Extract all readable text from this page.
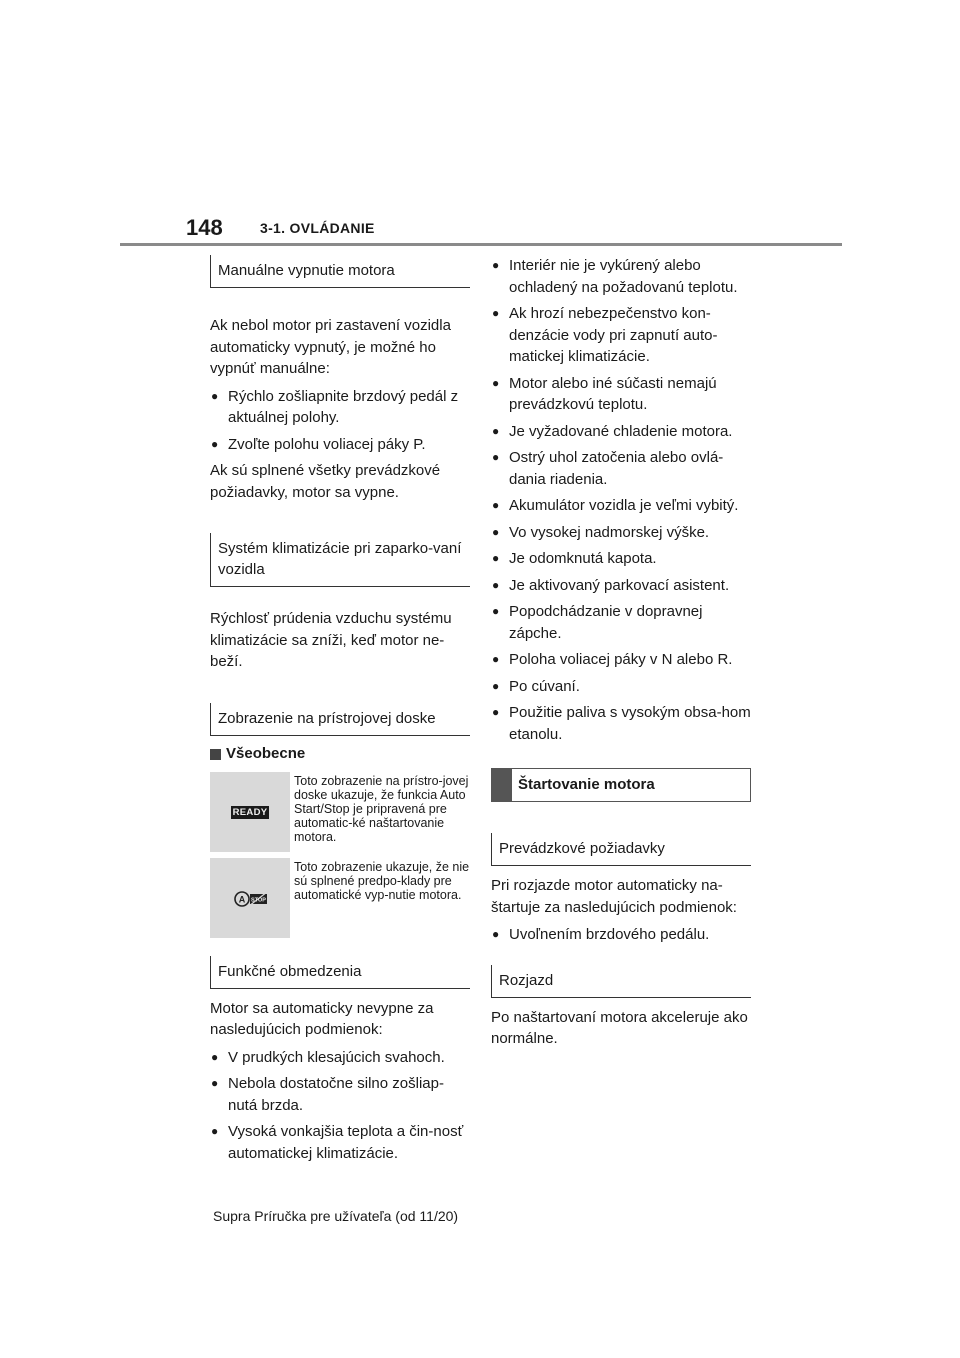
148	3-1. OVLÁDANIE
Manuálne vypnutie motora

Ak nebol motor pri zastavení vozidla automaticky vypnutý, je možné ho vypnúť manuálne:

● Rýchlo zošliapnite brzdový pedál z aktuálnej polohy.
● Zvoľte polohu voliacej páky P.

Ak sú splnené všetky prevádzkové požiadavky, motor sa vypne.

Systém klimatizácie pri zaparko-vaní vozidla

Rýchlosť prúdenia vzduchu systému klimatizácie sa zníži, keď motor ne-beží.

Zobrazenie na prístrojovej doske
Všeobecne
READY
Toto zobrazenie na prístro-jovej doske ukazuje, že funkcia Auto Start/Stop je pripravená pre automatic-ké naštartovanie motora.
A STOP
Toto zobrazenie ukazuje, že nie sú splnené predpo-klady pre automatické vyp-nutie motora.
Funkčné obmedzenia

Motor sa automaticky nevypne za nasledujúcich podmienok:

● V prudkých klesajúcich svahoch.
● Nebola dostatočne silno zošliap-nutá brzda.
● Vysoká vonkajšia teplota a čin-nosť automatickej klimatizácie.
● Interiér nie je vykúrený alebo ochladený na požadovanú teplotu.
● Ak hrozí nebezpečenstvo kon-denzácie vody pri zapnutí auto-matickej klimatizácie.
● Motor alebo iné súčasti nemajú prevádzkovú teplotu.
● Je vyžadované chladenie motora.
● Ostrý uhol zatočenia alebo ovlá-dania riadenia.
● Akumulátor vozidla je veľmi vybitý.
● Vo vysokej nadmorskej výške.
● Je odomknutá kapota.
● Je aktivovaný parkovací asistent.
● Popodchádzanie v dopravnej zápche.
● Poloha voliacej páky v N alebo R.
● Po cúvaní.
● Použitie paliva s vysokým obsa-hom etanolu.
Štartovanie motora
Prevádzkové požiadavky

Pri rozjazde motor automaticky na-štartuje za nasledujúcich podmienok:

● Uvoľnením brzdového pedálu.
Rozjazd

Po naštartovaní motora akceleruje ako normálne.

Supra Príručka pre užívateľa (od 11/20)
